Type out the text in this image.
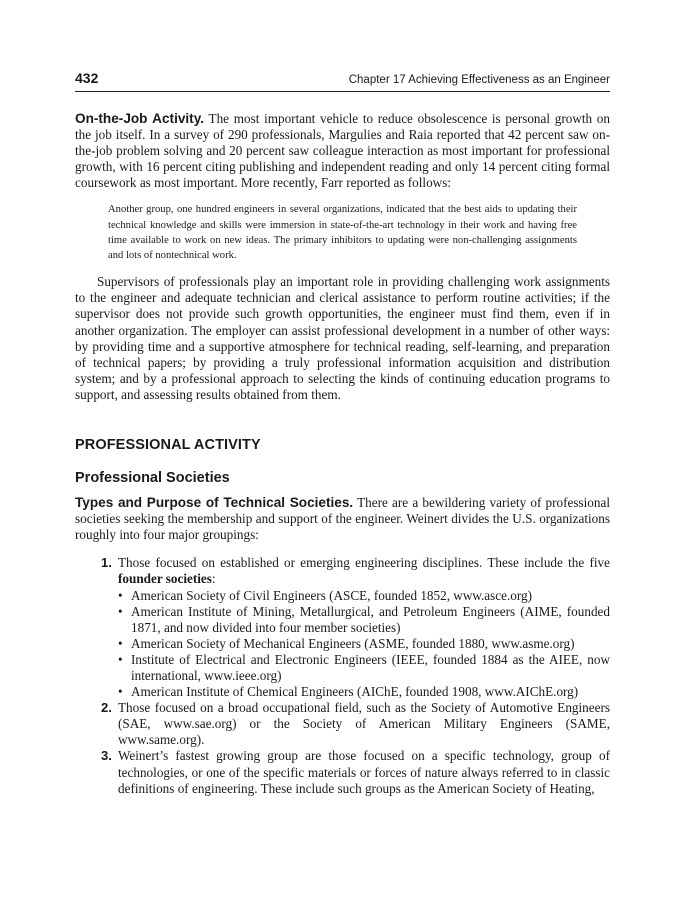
432	Chapter 17 Achieving Effectiveness as an Engineer

On-the-Job Activity. The most important vehicle to reduce obsolescence is personal growth on the job itself. In a survey of 290 professionals, Margulies and Raia reported that 42 percent saw on-the-job problem solving and 20 percent saw colleague interaction as most important for professional growth, with 16 percent citing publishing and independent reading and only 14 percent citing formal coursework as most important. More recently, Farr reported as follows:

Another group, one hundred engineers in several organizations, indicated that the best aids to updating their technical knowledge and skills were immersion in state-of-the-art technology in their work and having free time available to work on new ideas. The primary inhibitors to updating were non-challenging assignments and lots of nontechnical work.

Supervisors of professionals play an important role in providing challenging work assignments to the engineer and adequate technician and clerical assistance to perform routine activities; if the supervisor does not provide such growth opportunities, the engineer must find them, even if in another organization. The employer can assist professional development in a number of other ways: by providing time and a supportive atmosphere for technical reading, self-learning, and preparation of technical papers; by providing a truly professional information acquisition and distribution system; and by a professional approach to selecting the kinds of continuing education programs to support, and assessing results obtained from them.

PROFESSIONAL ACTIVITY
Professional Societies

Types and Purpose of Technical Societies. There are a bewildering variety of professional societies seeking the membership and support of the engineer. Weinert divides the U.S. organizations roughly into four major groupings:

1. Those focused on established or emerging engineering disciplines. These include the five founder societies:
• American Society of Civil Engineers (ASCE, founded 1852, www.asce.org)
• American Institute of Mining, Metallurgical, and Petroleum Engineers (AIME, founded 1871, and now divided into four member societies)
• American Society of Mechanical Engineers (ASME, founded 1880, www.asme.org)
• Institute of Electrical and Electronic Engineers (IEEE, founded 1884 as the AIEE, now international, www.ieee.org)
• American Institute of Chemical Engineers (AIChE, founded 1908, www.AIChE.org)
2. Those focused on a broad occupational field, such as the Society of Automotive Engineers (SAE, www.sae.org) or the Society of American Military Engineers (SAME, www.same.org).
3. Weinert’s fastest growing group are those focused on a specific technology, group of technologies, or one of the specific materials or forces of nature always referred to in classic definitions of engineering. These include such groups as the American Society of Heating,
